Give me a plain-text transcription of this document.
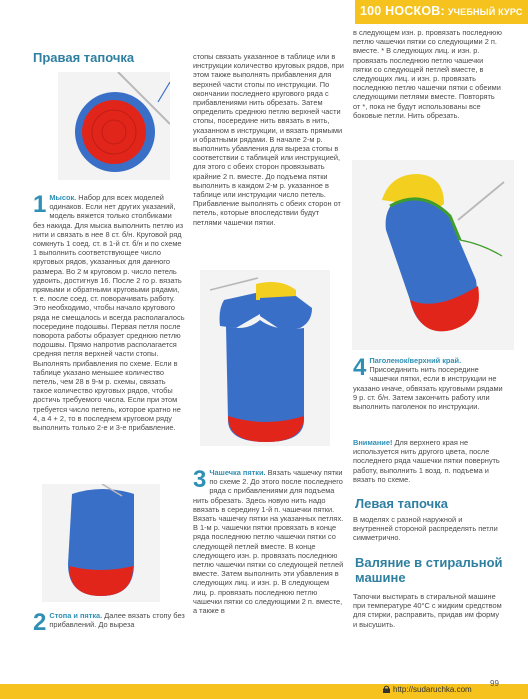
100 НОСКОВ: УЧЕБНЫЙ КУРС
Правая тапочка
1 Мысок. Набор для всех моделей одинаков. Если нет других указаний, модель вяжется только столбиками без накида. Для мыска выполнить петлю из нити и связать в нее 8 ст. б/н. Круговой ряд сомкнуть 1 соед. ст. в 1-й ст. б/н и по схеме 1 выполнить соответствующее число круговых рядов, указанных для данного размера. Во 2 м круговом р. число петель удвоить, достигнув 16. После 2 го р. вязать прямыми и обратными круговыми рядами, т. е. после соед. ст. поворачивать работу. Это необходимо, чтобы начало кругового ряда не смещалось и всегда располагалось посередине подошвы. Первая петля после поворота работы образует среднюю петлю подошвы. Прямо напротив располагается средняя петля верхней части стопы. Выполнять прибавления по схеме. Если в таблице указано меньшее количество петель, чем 28 в 9-м р. схемы, связать такое количество круговых рядов, чтобы достичь требуемого числа. Если при этом требуется число петель, которое кратно не 4, а 4 + 2, то в последнем круговом ряду выполнить только 2-е и 3-е прибавление.
2 Стопа и пятка. Далее вязать стопу без прибавлений. До выреза
стопы связать указанное в таблице или в инструкции количество круговых рядов, при этом также выполнять прибавления для верхней части стопы по инструкции. По окончании последнего кругового ряда с прибавлениями нить обрезать. Затем определить среднюю петлю верхней части стопы, посередине нить ввязать в нить, указанном в инструкции, и вязать прямыми и обратными рядами. В начале 2-м р. выполнить убавления для выреза стопы в соответствии с таблицей или инструкцией, для этого с обеих сторон провязывать крайние 2 п. вместе. До подъема пятки выполнить в каждом 2-м р. указанное в таблице или инструкции число петель. Прибавление выполнять с обеих сторон от петель, которые впоследствии будут петлями чашечки пятки.
3 Чашечка пятки. Вязать чашечку пятки по схеме 2. До этого после последнего ряда с прибавлениями для подъема нить обрезать. Здесь новую нить надо ввязать в середину 1-й п. чашечки пятки. Вязать чашечку пятки на указанных петлях. В 1-м р. чашечки пятки провязать в конце ряда последнюю петлю чашечки пятки со следующей петлей вместе. В конце следующего изн. р. провязать последнюю петлю чашечки пятки со следующей петлей вместе. Затем выполнить эти убавления в следующих лиц. и изн. р. В следующем лиц. р. провязать последнюю петлю чашечки пятки со следующими 2 п. вместе, а также в
в следующем изн. р. провязать последнюю петлю чашечки пятки со следующими 2 п. вместе. * В следующих лиц. и изн. р. провязать последнюю петлю чашечки пятки со следующей петлей вместе, в следующих лиц. и изн. р. провязать последнюю петлю чашечки пятки с обеими следующими петлями вместе. Повторять от *, пока не будут использованы все боковые петли. Нить обрезать.
4 Паголенок/верхний край. Присоединить нить посередине чашечки пятки, если в инструкции не указано иначе, обвязать круговыми рядами 9 р. ст. б/н. Затем закончить работу или выполнить паголенок по инструкции.
Внимание! Для верхнего края не используется нить другого цвета, после последнего ряда чашечки пятки повернуть работу, выполнить 1 возд. п. подъема и вязать по схеме.
Левая тапочка
В моделях с разной наружной и внутренней стороной распределять петли симметрично.
Валяние в стиральной машине
Тапочки выстирать в стиральной машине при температуре 40°C с жидким средством для стирки, расправить, придав им форму и высушить.
99
http://sudaruchka.com
